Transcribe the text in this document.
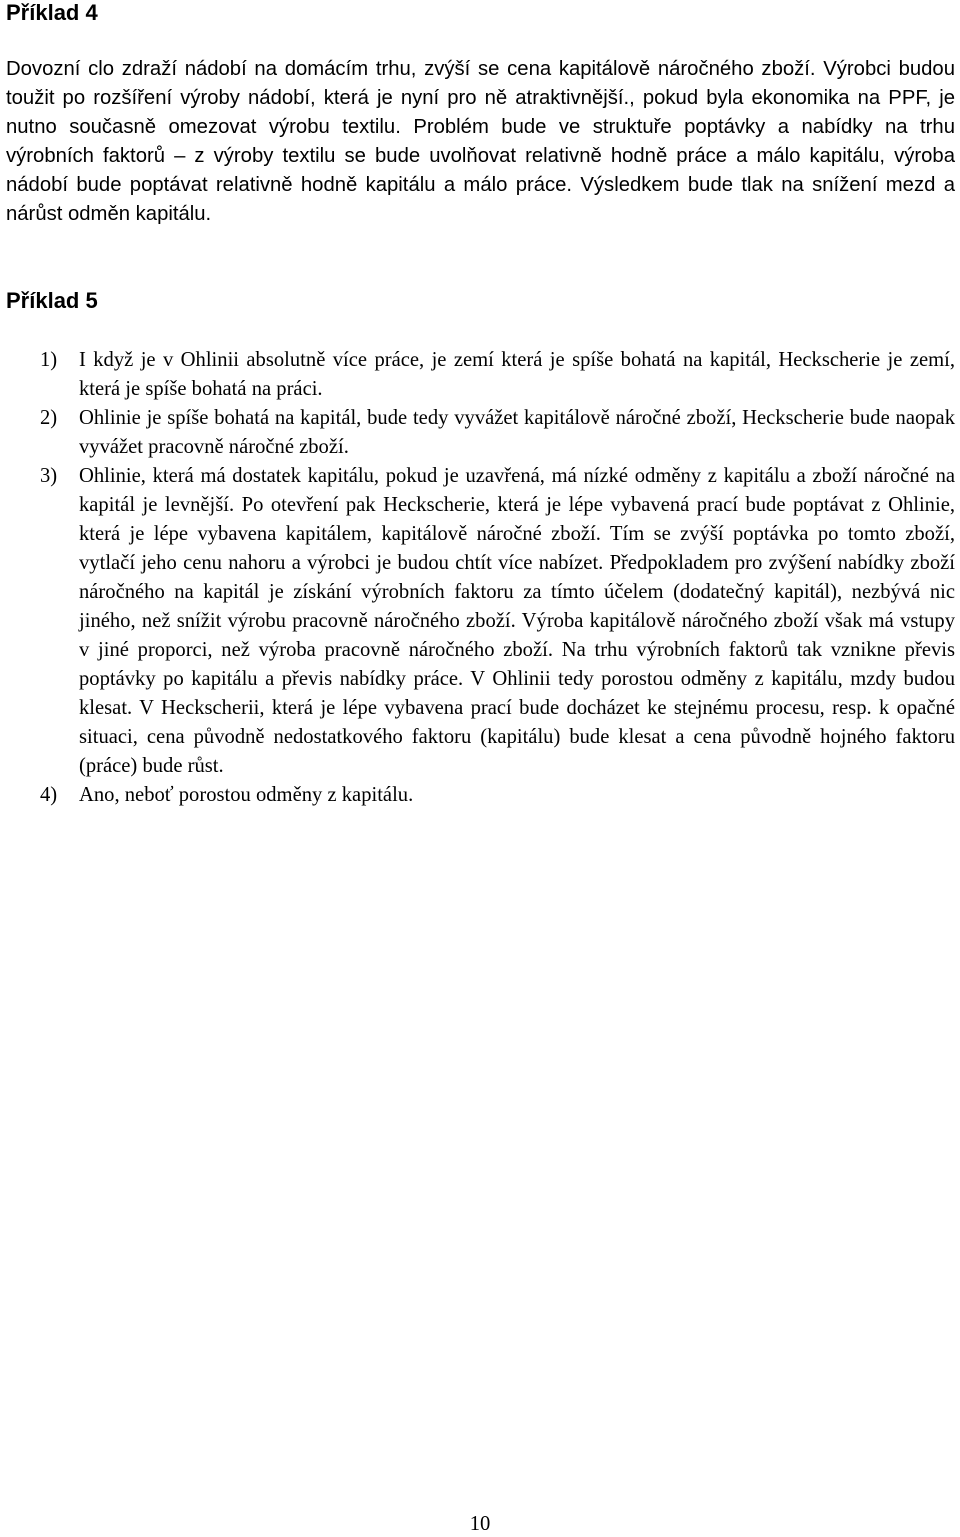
Příklad 4

Dovozní clo zdraží nádobí na domácím trhu, zvýší se cena kapitálově náročného zboží. Výrobci budou toužit po rozšíření výroby nádobí, která je nyní pro ně atraktivnější., pokud byla ekonomika na PPF, je nutno současně omezovat výrobu textilu. Problém bude ve struktuře poptávky a nabídky na trhu výrobních faktorů – z výroby textilu se bude uvolňovat relativně hodně práce a málo kapitálu, výroba nádobí bude poptávat relativně hodně kapitálu a málo práce. Výsledkem bude tlak na snížení mezd a nárůst odměn kapitálu.

Příklad 5
1) I když je v Ohlinii absolutně více práce, je zemí která je spíše bohatá na kapitál, Heckscherie je zemí, která je spíše bohatá na práci.
2) Ohlinie je spíše bohatá na kapitál, bude tedy vyvážet kapitálově náročné zboží, Heckscherie bude naopak vyvážet pracovně náročné zboží.
3) Ohlinie, která má dostatek kapitálu, pokud je uzavřená, má nízké odměny z kapitálu a zboží náročné na kapitál je levnější. Po otevření pak Heckscherie, která je lépe vybavená prací bude poptávat z Ohlinie, která je lépe vybavena kapitálem, kapitálově náročné zboží. Tím se zvýší poptávka po tomto zboží, vytlačí jeho cenu nahoru a výrobci je budou chtít více nabízet. Předpokladem pro zvýšení nabídky zboží náročného na kapitál je získání výrobních faktoru za tímto účelem (dodatečný kapitál), nezbývá nic jiného, než snížit výrobu pracovně náročného zboží. Výroba kapitálově náročného zboží však má vstupy v jiné proporci, než výroba pracovně náročného zboží. Na trhu výrobních faktorů tak vznikne převis poptávky po kapitálu a převis nabídky práce. V Ohlinii tedy porostou odměny z kapitálu, mzdy budou klesat. V Heckscherii, která je lépe vybavena prací bude docházet ke stejnému procesu, resp. k opačné situaci, cena původně nedostatkového faktoru (kapitálu) bude klesat a cena původně hojného faktoru (práce) bude růst.
4) Ano, neboť porostou odměny z kapitálu.
10
